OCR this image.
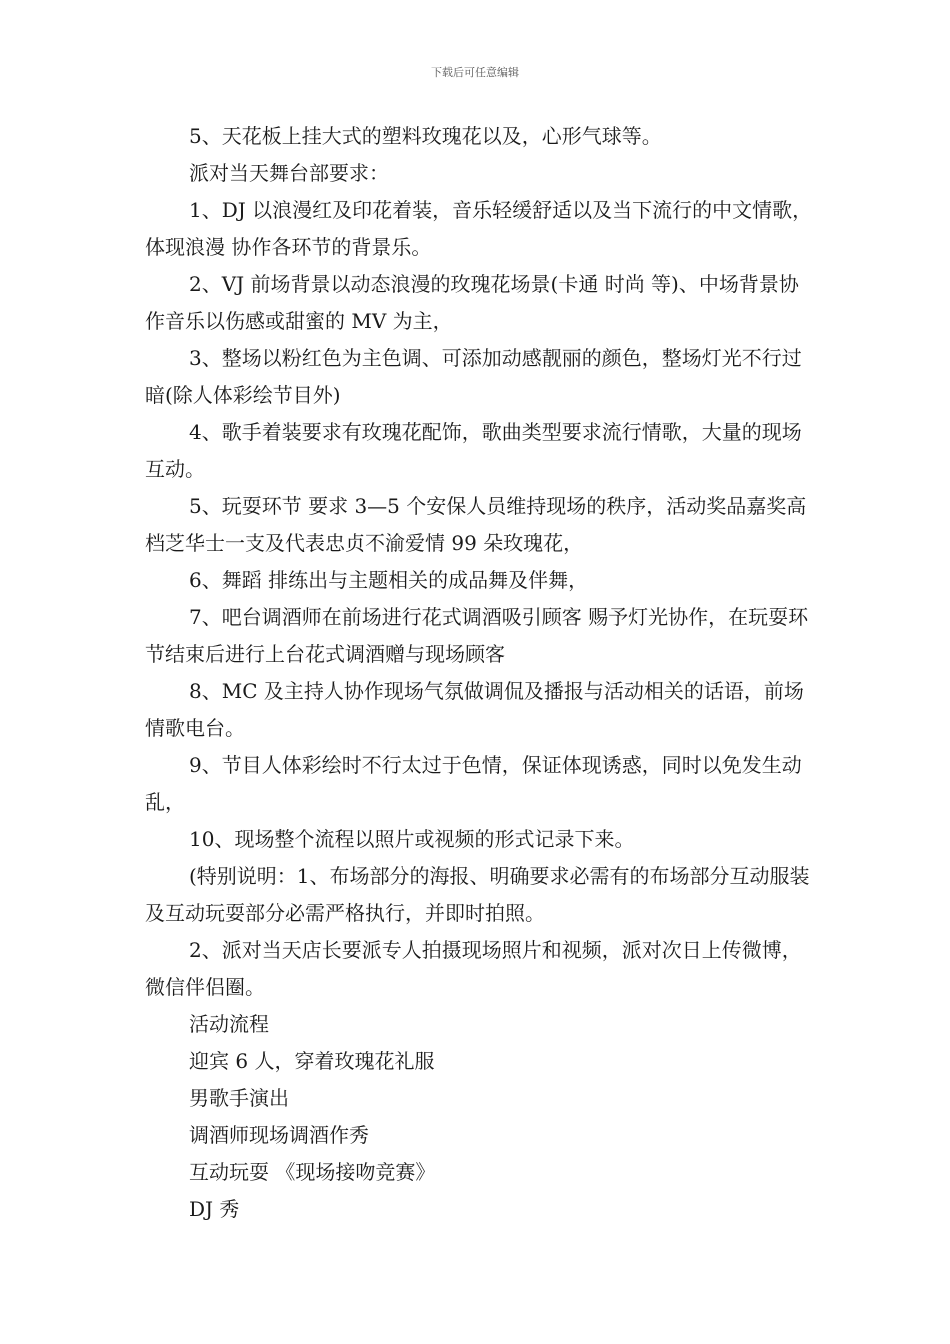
下载后可任意编辑

5、天花板上挂大式的塑料玫瑰花以及，心形气球等。

派对当天舞台部要求：

1、DJ 以浪漫红及印花着装，音乐轻缓舒适以及当下流行的中文情歌， 体现浪漫 协作各环节的背景乐。

2、VJ 前场背景以动态浪漫的玫瑰花场景(卡通 时尚 等)、中场背景协作音乐以伤感或甜蜜的 MV 为主，

3、整场以粉红色为主色调、可添加动感靓丽的颜色，整场灯光不行过暗(除人体彩绘节目外)

4、歌手着装要求有玫瑰花配饰，歌曲类型要求流行情歌，大量的现场互动。

5、玩耍环节 要求 3—5 个安保人员维持现场的秩序，活动奖品嘉奖高档芝华士一支及代表忠贞不渝爱情 99 朵玫瑰花，

6、舞蹈 排练出与主题相关的成品舞及伴舞，

7、吧台调酒师在前场进行花式调酒吸引顾客 赐予灯光协作，在玩耍环节结束后进行上台花式调酒赠与现场顾客

8、MC 及主持人协作现场气氛做调侃及播报与活动相关的话语，前场情歌电台。

9、节目人体彩绘时不行太过于色情，保证体现诱惑，同时以免发生动乱，

10、现场整个流程以照片或视频的形式记录下来。

(特别说明：1、布场部分的海报、明确要求必需有的布场部分互动服装及互动玩耍部分必需严格执行，并即时拍照。

2、派对当天店长要派专人拍摄现场照片和视频，派对次日上传微博，微信伴侣圈。

活动流程

迎宾 6 人，穿着玫瑰花礼服

男歌手演出

调酒师现场调酒作秀

互动玩耍 《现场接吻竞赛》

DJ 秀
